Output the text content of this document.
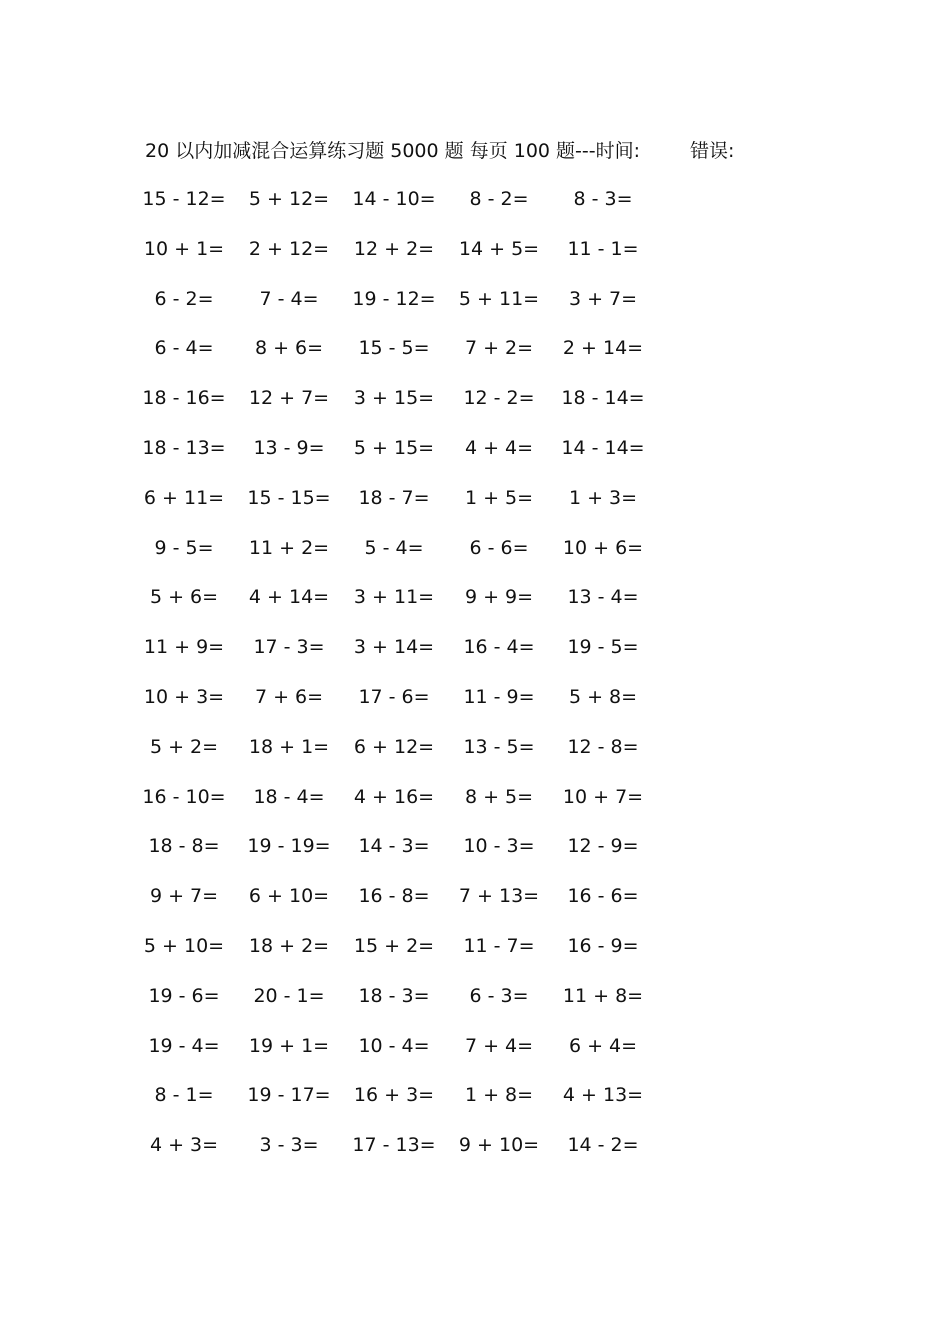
20 以内加减混合运算练习题 5000 题 每页 100 题---时间:	错误:
15 - 12=	5 + 12=	14 - 10=	8 - 2=	8 - 3=
10 + 1=	2 + 12=	12 + 2=	14 + 5=	11 - 1=
6 - 2=	7 - 4=	19 - 12=	5 + 11=	3 + 7=
6 - 4=	8 + 6=	15 - 5=	7 + 2=	2 + 14=
18 - 16=	12 + 7=	3 + 15=	12 - 2=	18 - 14=
18 - 13=	13 - 9=	5 + 15=	4 + 4=	14 - 14=
6 + 11=	15 - 15=	18 - 7=	1 + 5=	1 + 3=
9 - 5=	11 + 2=	5 - 4=	6 - 6=	10 + 6=
5 + 6=	4 + 14=	3 + 11=	9 + 9=	13 - 4=
11 + 9=	17 - 3=	3 + 14=	16 - 4=	19 - 5=
10 + 3=	7 + 6=	17 - 6=	11 - 9=	5 + 8=
5 + 2=	18 + 1=	6 + 12=	13 - 5=	12 - 8=
16 - 10=	18 - 4=	4 + 16=	8 + 5=	10 + 7=
18 - 8=	19 - 19=	14 - 3=	10 - 3=	12 - 9=
9 + 7=	6 + 10=	16 - 8=	7 + 13=	16 - 6=
5 + 10=	18 + 2=	15 + 2=	11 - 7=	16 - 9=
19 - 6=	20 - 1=	18 - 3=	6 - 3=	11 + 8=
19 - 4=	19 + 1=	10 - 4=	7 + 4=	6 + 4=
8 - 1=	19 - 17=	16 + 3=	1 + 8=	4 + 13=
4 + 3=	3 - 3=	17 - 13=	9 + 10=	14 - 2=
